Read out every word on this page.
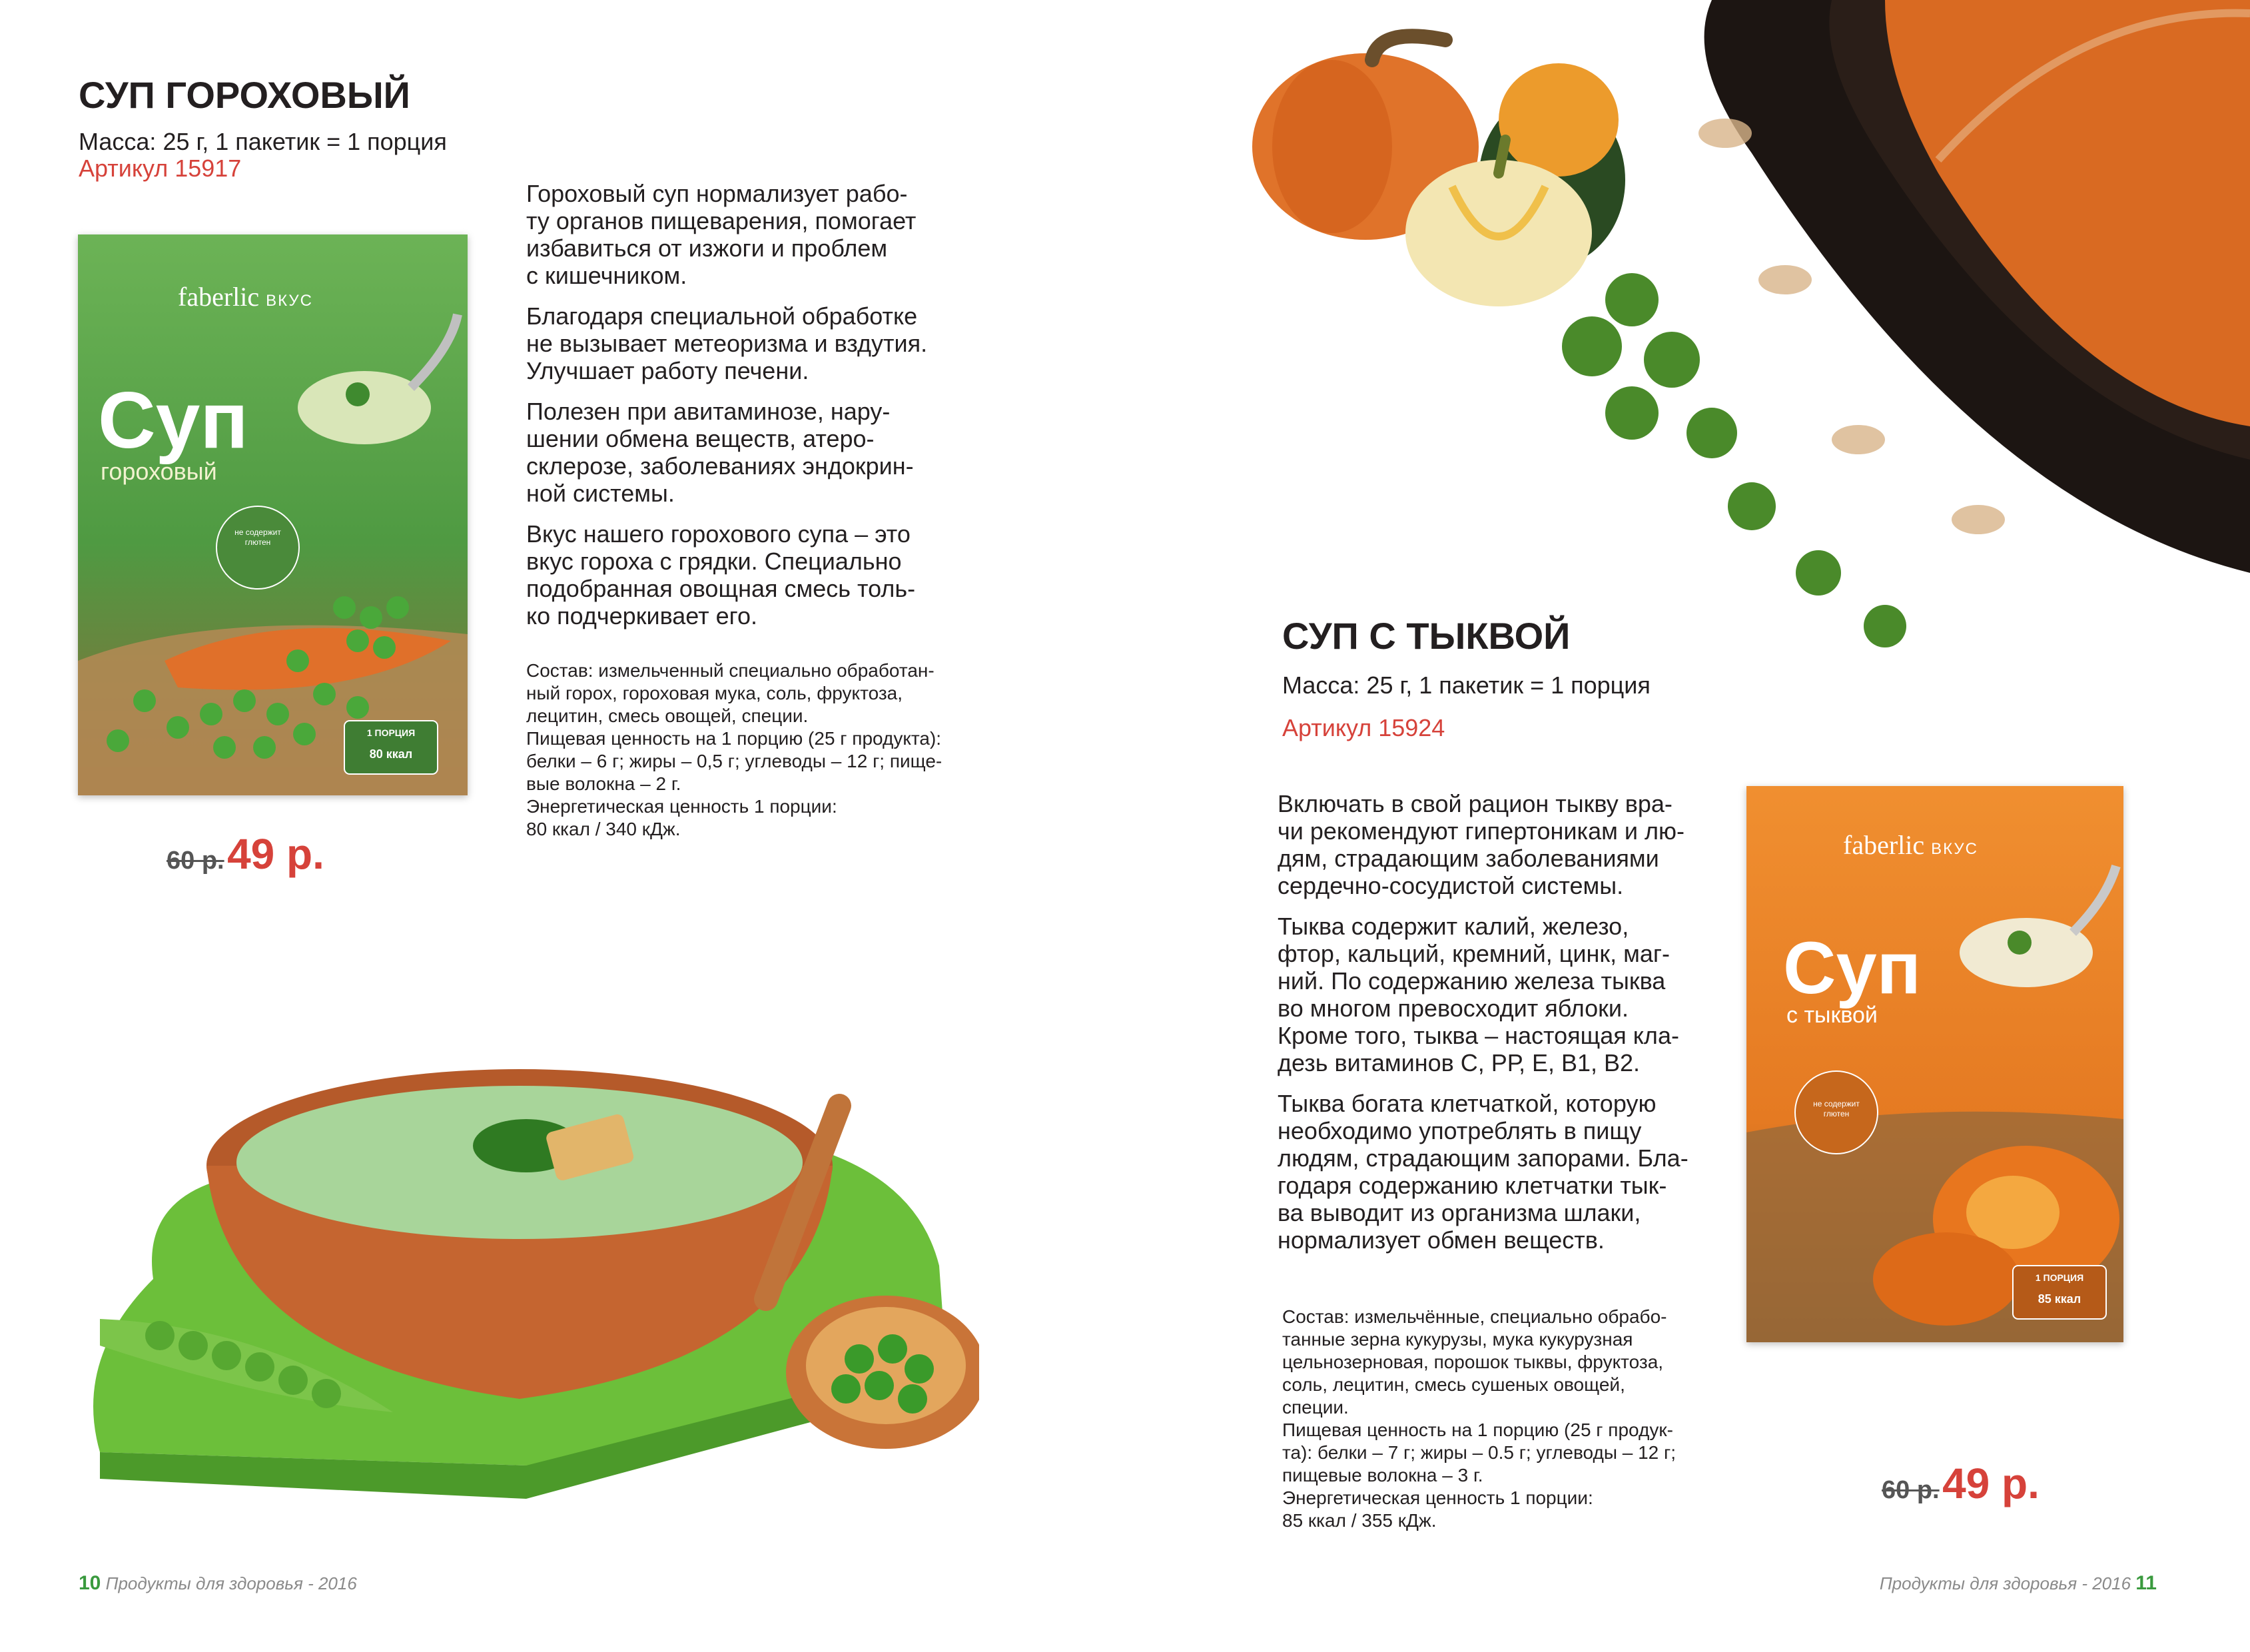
СУП ГОРОХОВЫЙ
Масса: 25 г, 1 пакетик = 1 порция
Артикул 15917
faberlic ВКУС
Суп
гороховый
не содержит глютен
1 ПОРЦИЯ
80 ккал
60 р. 49 р.

Гороховый суп нормализует рабо-
ту органов пищеварения, помогает
избавиться от изжоги и проблем
с кишечником.

Благодаря специальной обработке
не вызывает метеоризма и вздутия.
Улучшает работу печени.

Полезен при авитаминозе, нару-
шении обмена веществ, атеро-
склерозе, заболеваниях эндокрин-
ной системы.

Вкус нашего горохового супа – это
вкус гороха с грядки. Специально
подобранная овощная смесь толь-
ко подчеркивает его.

Состав: измельченный специально обработан-
ный горох, гороховая мука, соль, фруктоза,
лецитин, смесь овощей, специи.
Пищевая ценность на 1 порцию (25 г продукта):
белки – 6 г; жиры – 0,5 г; углеводы – 12 г; пище-
вые волокна – 2 г.
Энергетическая ценность 1 порции:
80 ккал / 340 кДж.
10 Продукты для здоровья - 2016
СУП С ТЫКВОЙ
Масса: 25 г, 1 пакетик = 1 порция
Артикул 15924

Включать в свой рацион тыкву вра-
чи рекомендуют гипертоникам и лю-
дям, страдающим заболеваниями
сердечно-сосудистой системы.

Тыква содержит калий, железо,
фтор, кальций, кремний, цинк, маг-
ний. По содержанию железа тыква
во многом превосходит яблоки.
Кроме того, тыква – настоящая кла-
дезь витаминов С, РР, Е, В1, В2.

Тыква богата клетчаткой, которую
необходимо употреблять в пищу
людям, страдающим запорами. Бла-
годаря содержанию клетчатки тык-
ва выводит из организма шлаки,
нормализует обмен веществ.

Состав: измельчённые, специально обрабо-
танные зерна кукурузы, мука кукурузная
цельнозерновая, порошок тыквы, фруктоза,
соль, лецитин, смесь сушеных овощей,
специи.
Пищевая ценность на 1 порцию (25 г продук-
та): белки – 7 г; жиры – 0.5 г; углеводы – 12 г;
пищевые волокна – 3 г.
Энергетическая ценность 1 порции:
85 ккал / 355 кДж.
faberlic ВКУС
Суп
с тыквой
не содержит глютен
1 ПОРЦИЯ
85 ккал
60 р. 49 р.
Продукты для здоровья - 2016 11
